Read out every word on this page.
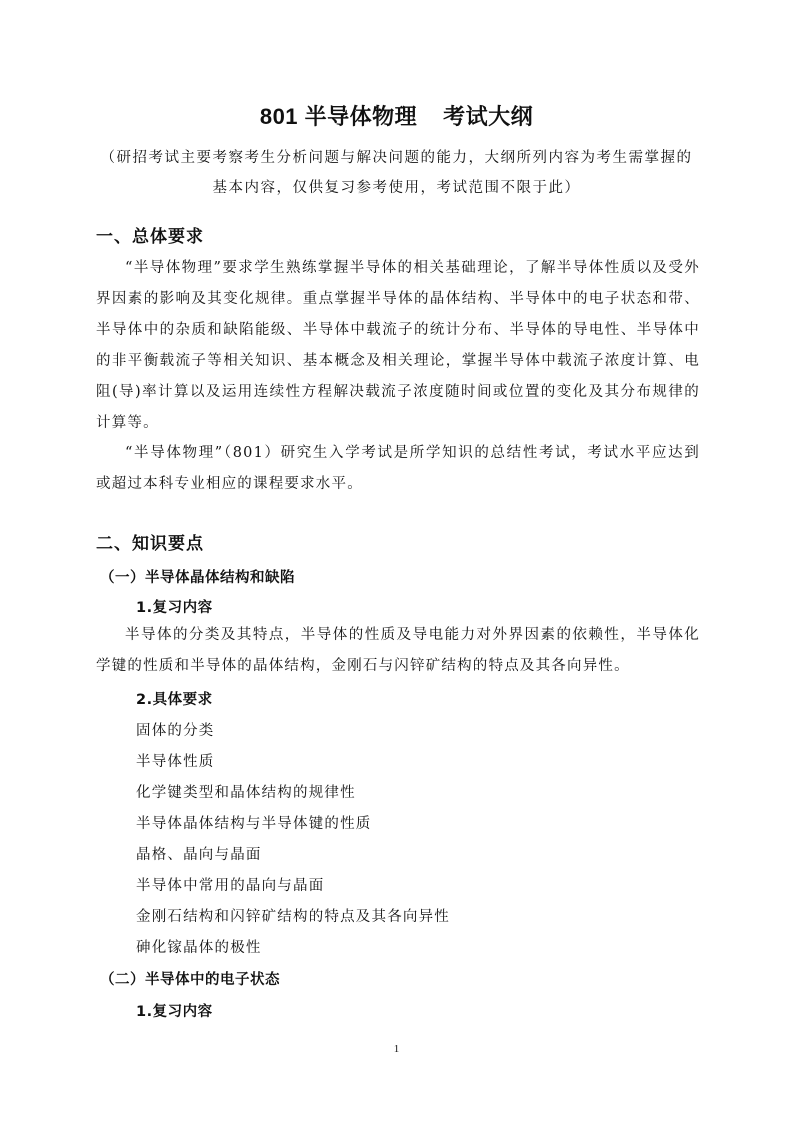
801 半导体物理 考试大纲
（研招考试主要考察考生分析问题与解决问题的能力，大纲所列内容为考生需掌握的
基本内容，仅供复习参考使用，考试范围不限于此）
一、总体要求

“半导体物理”要求学生熟练掌握半导体的相关基础理论，了解半导体性质以及受外界因素的影响及其变化规律。重点掌握半导体的晶体结构、半导体中的电子状态和带、半导体中的杂质和缺陷能级、半导体中载流子的统计分布、半导体的导电性、半导体中的非平衡载流子等相关知识、基本概念及相关理论，掌握半导体中载流子浓度计算、电阻(导)率计算以及运用连续性方程解决载流子浓度随时间或位置的变化及其分布规律的计算等。

“半导体物理”（801）研究生入学考试是所学知识的总结性考试，考试水平应达到或超过本科专业相应的课程要求水平。

二、知识要点
（一）半导体晶体结构和缺陷
1.复习内容

半导体的分类及其特点，半导体的性质及导电能力对外界因素的依赖性，半导体化学键的性质和半导体的晶体结构，金刚石与闪锌矿结构的特点及其各向异性。

2.具体要求
固体的分类
半导体性质
化学键类型和晶体结构的规律性
半导体晶体结构与半导体键的性质
晶格、晶向与晶面
半导体中常用的晶向与晶面
金刚石结构和闪锌矿结构的特点及其各向异性
砷化镓晶体的极性
（二）半导体中的电子状态
1.复习内容
1
